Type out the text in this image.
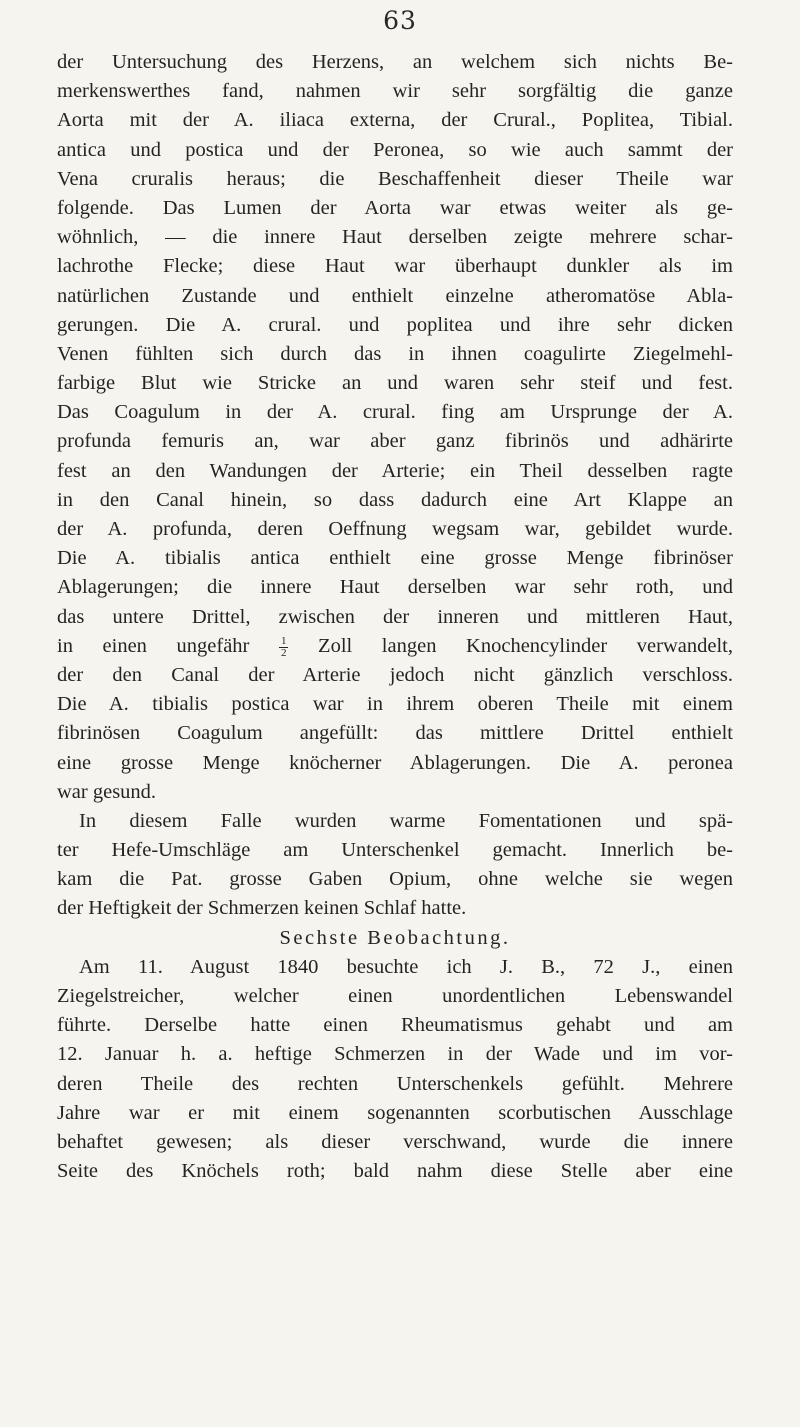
63
der Untersuchung des Herzens, an welchem sich nichts Be-
merkenswerthes fand, nahmen wir sehr sorgfältig die ganze
Aorta mit der A. iliaca externa, der Crural., Poplitea, Tibial.
antica und postica und der Peronea, so wie auch sammt der
Vena cruralis heraus; die Beschaffenheit dieser Theile war
folgende. Das Lumen der Aorta war etwas weiter als ge-
wöhnlich, — die innere Haut derselben zeigte mehrere schar-
lachrothe Flecke; diese Haut war überhaupt dunkler als im
natürlichen Zustande und enthielt einzelne atheromatöse Abla-
gerungen. Die A. crural. und poplitea und ihre sehr dicken
Venen fühlten sich durch das in ihnen coagulirte Ziegelmehl-
farbige Blut wie Stricke an und waren sehr steif und fest.
Das Coagulum in der A. crural. fing am Ursprunge der A.
profunda femuris an, war aber ganz fibrinös und adhärirte
fest an den Wandungen der Arterie; ein Theil desselben ragte
in den Canal hinein, so dass dadurch eine Art Klappe an
der A. profunda, deren Oeffnung wegsam war, gebildet wurde.
Die A. tibialis antica enthielt eine grosse Menge fibrinöser
Ablagerungen; die innere Haut derselben war sehr roth, und
das untere Drittel, zwischen der inneren und mittleren Haut,
in einen ungefähr $\frac{1}{2}$ Zoll langen Knochencylinder verwandelt,
der den Canal der Arterie jedoch nicht gänzlich verschloss.
Die A. tibialis postica war in ihrem oberen Theile mit einem
fibrinösen Coagulum angefüllt: das mittlere Drittel enthielt
eine grosse Menge knöcherner Ablagerungen. Die A. peronea
war gesund.
In diesem Falle wurden warme Fomentationen und spä-
ter Hefe-Umschläge am Unterschenkel gemacht. Innerlich be-
kam die Pat. grosse Gaben Opium, ohne welche sie wegen
der Heftigkeit der Schmerzen keinen Schlaf hatte.
Sechste Beobachtung.
Am 11. August 1840 besuchte ich J. B., 72 J., einen
Ziegelstreicher, welcher einen unordentlichen Lebenswandel
führte. Derselbe hatte einen Rheumatismus gehabt und am
12. Januar h. a. heftige Schmerzen in der Wade und im vor-
deren Theile des rechten Unterschenkels gefühlt. Mehrere
Jahre war er mit einem sogenannten scorbutischen Ausschlage
behaftet gewesen; als dieser verschwand, wurde die innere
Seite des Knöchels roth; bald nahm diese Stelle aber eine
